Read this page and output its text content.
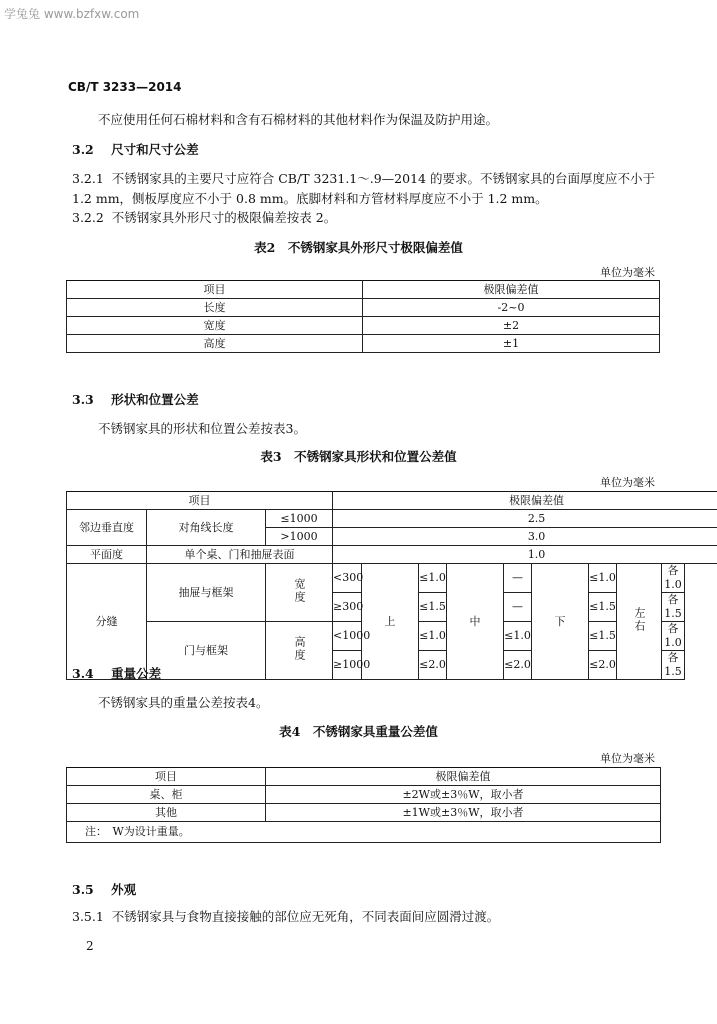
学兔兔 www.bzfxw.com
CB/T 3233—2014
不应使用任何石棉材料和含有石棉材料的其他材料作为保温及防护用途。
3.2 尺寸和尺寸公差
3.2.1 不锈钢家具的主要尺寸应符合 CB/T 3231.1～.9—2014 的要求。不锈钢家具的台面厚度应不小于
1.2 mm，侧板厚度应不小于 0.8 mm。底脚材料和方管材料厚度应不小于 1.2 mm。
3.2.2 不锈钢家具外形尺寸的极限偏差按表 2。
表2　不锈钢家具外形尺寸极限偏差值
单位为毫米
项目	极限偏差值
长度	-2~0
宽度	±2
高度	±1
3.3 形状和位置公差
不锈钢家具的形状和位置公差按表3。
表3　不锈钢家具形状和位置公差值
单位为毫米
项目			极限偏差值								
邻边垂直度	对角线长度	≤1000	2.5								
		>1000	3.0								
平面度	单个桌、门和抽屉表面		1.0								
分缝	抽屉与框架	宽度	<300	上	≤1.0	中	—	下	≤1.0	左右	各1.0
			≥300		≤1.5		—		≤1.5		各1.5
	门与框架	高度	<1000		≤1.0		≤1.0		≤1.5		各1.0
			≥1000		≤2.0		≤2.0		≤2.0		各1.5
3.4 重量公差
不锈钢家具的重量公差按表4。
表4　不锈钢家具重量公差值
单位为毫米
项目	极限偏差值
桌、柜	±2W或±3％W，取小者
其他	±1W或±3％W，取小者
注：　W为设计重量。	
3.5 外观
3.5.1 不锈钢家具与食物直接接触的部位应无死角，不同表面间应圆滑过渡。
2
